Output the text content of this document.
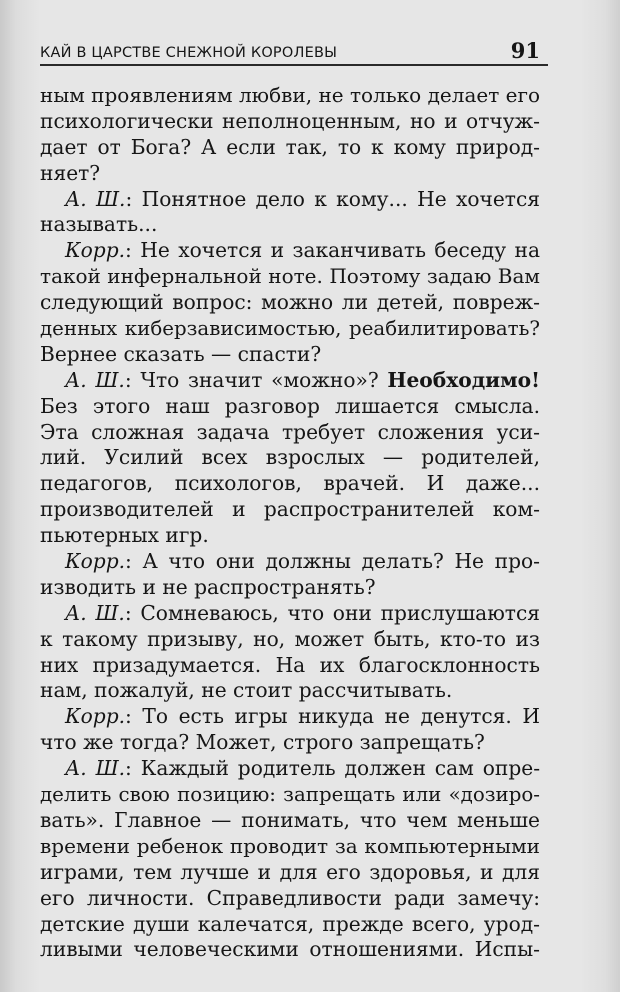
КАЙ В ЦАРСТВЕ СНЕЖНОЙ КОРОЛЕВЫ	91
ным проявлениям любви, не только делает его
психологически неполноценным, но и отчуж-
дает от Бога? А если так, то к кому природ-
няет?
А. Ш.: Понятное дело к кому... Не хочется
называть...
Корр.: Не хочется и заканчивать беседу на
такой инфернальной ноте. Поэтому задаю Вам
следующий вопрос: можно ли детей, повреж-
денных киберзависимостью, реабилитировать?
Вернее сказать — спасти?
А. Ш.: Что значит «можно»? Необходимо!
Без этого наш разговор лишается смысла.
Эта сложная задача требует сложения уси-
лий. Усилий всех взрослых — родителей,
педагогов, психологов, врачей. И даже...
производителей и распространителей ком-
пьютерных игр.
Корр.: А что они должны делать? Не про-
изводить и не распространять?
А. Ш.: Сомневаюсь, что они прислушаются
к такому призыву, но, может быть, кто-то из
них призадумается. На их благосклонность
нам, пожалуй, не стоит рассчитывать.
Корр.: То есть игры никуда не денутся. И
что же тогда? Может, строго запрещать?
А. Ш.: Каждый родитель должен сам опре-
делить свою позицию: запрещать или «дозиро-
вать». Главное — понимать, что чем меньше
времени ребенок проводит за компьютерными
играми, тем лучше и для его здоровья, и для
его личности. Справедливости ради замечу:
детские души калечатся, прежде всего, урод-
ливыми человеческими отношениями. Испы-
